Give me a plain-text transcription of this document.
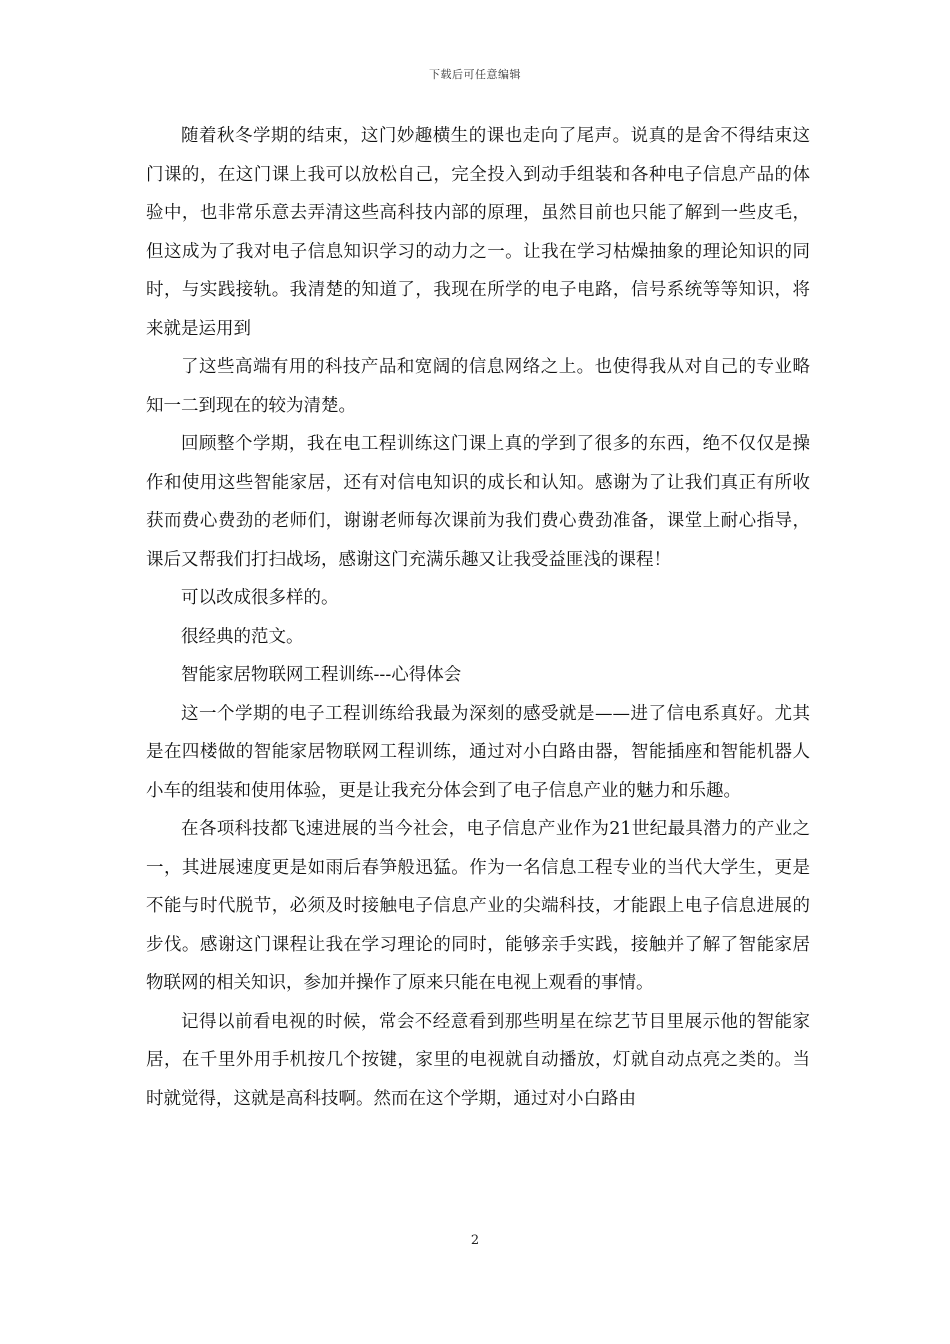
下载后可任意编辑

随着秋冬学期的结束，这门妙趣横生的课也走向了尾声。说真的是舍不得结束这门课的，在这门课上我可以放松自己，完全投入到动手组装和各种电子信息产品的体验中，也非常乐意去弄清这些高科技内部的原理，虽然目前也只能了解到一些皮毛，但这成为了我对电子信息知识学习的动力之一。让我在学习枯燥抽象的理论知识的同时，与实践接轨。我清楚的知道了，我现在所学的电子电路，信号系统等等知识，将来就是运用到

了这些高端有用的科技产品和宽阔的信息网络之上。也使得我从对自己的专业略知一二到现在的较为清楚。

回顾整个学期，我在电工程训练这门课上真的学到了很多的东西，绝不仅仅是操作和使用这些智能家居，还有对信电知识的成长和认知。感谢为了让我们真正有所收获而费心费劲的老师们，谢谢老师每次课前为我们费心费劲准备，课堂上耐心指导，课后又帮我们打扫战场，感谢这门充满乐趣又让我受益匪浅的课程！

可以改成很多样的。

很经典的范文。

智能家居物联网工程训练---心得体会

这一个学期的电子工程训练给我最为深刻的感受就是——进了信电系真好。尤其是在四楼做的智能家居物联网工程训练，通过对小白路由器，智能插座和智能机器人小车的组装和使用体验，更是让我充分体会到了电子信息产业的魅力和乐趣。

在各项科技都飞速进展的当今社会，电子信息产业作为21世纪最具潜力的产业之一，其进展速度更是如雨后春笋般迅猛。作为一名信息工程专业的当代大学生，更是不能与时代脱节，必须及时接触电子信息产业的尖端科技，才能跟上电子信息进展的步伐。感谢这门课程让我在学习理论的同时，能够亲手实践，接触并了解了智能家居物联网的相关知识，参加并操作了原来只能在电视上观看的事情。

记得以前看电视的时候，常会不经意看到那些明星在综艺节目里展示他的智能家居，在千里外用手机按几个按键，家里的电视就自动播放，灯就自动点亮之类的。当时就觉得，这就是高科技啊。然而在这个学期，通过对小白路由

2
